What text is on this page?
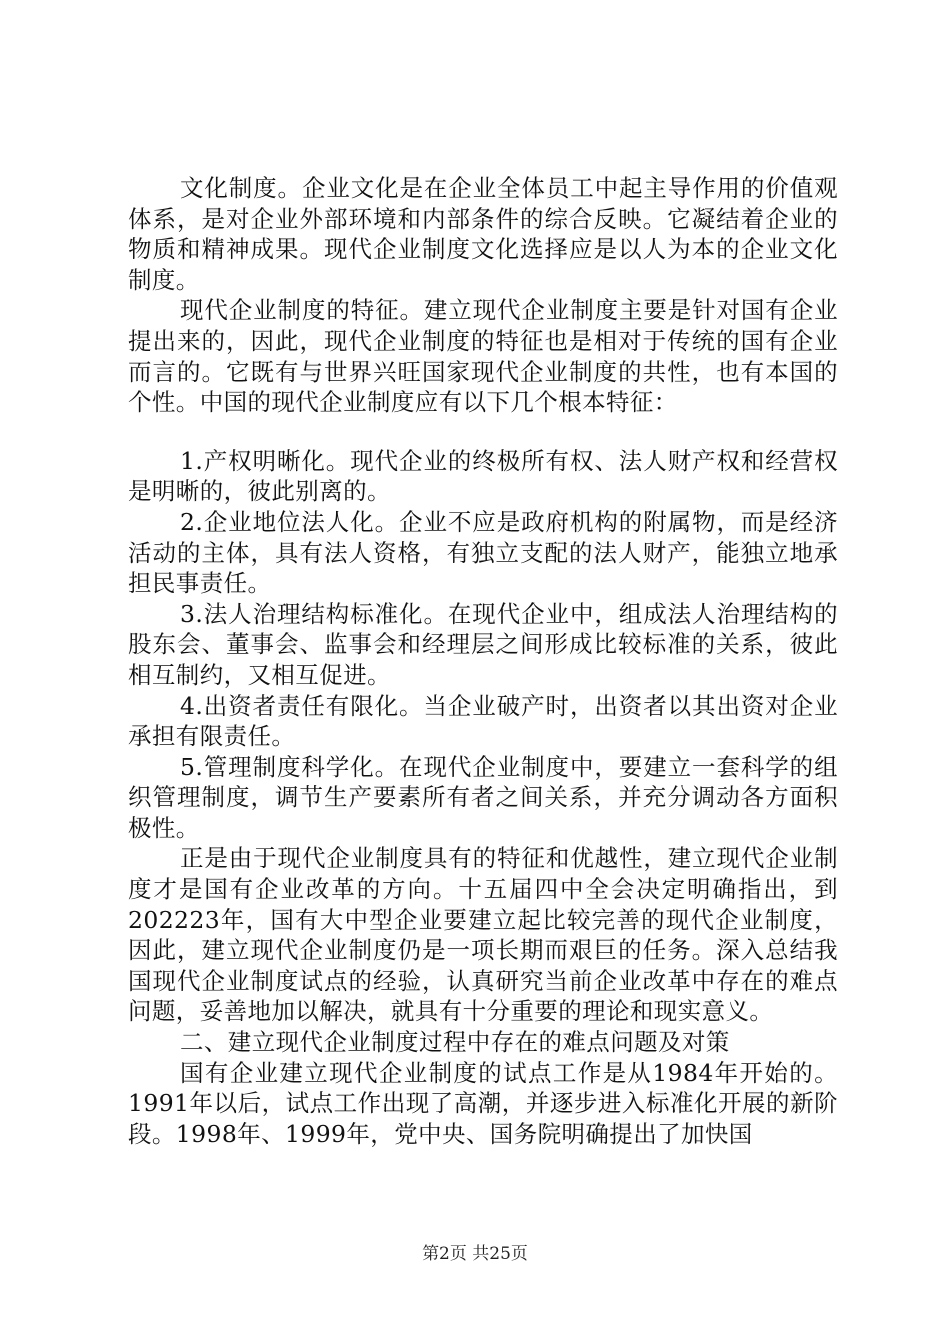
文化制度。企业文化是在企业全体员工中起主导作用的价值观体系，是对企业外部环境和内部条件的综合反映。它凝结着企业的物质和精神成果。现代企业制度文化选择应是以人为本的企业文化制度。

现代企业制度的特征。建立现代企业制度主要是针对国有企业提出来的，因此，现代企业制度的特征也是相对于传统的国有企业而言的。它既有与世界兴旺国家现代企业制度的共性，也有本国的个性。中国的现代企业制度应有以下几个根本特征：

1.产权明晰化。现代企业的终极所有权、法人财产权和经营权是明晰的，彼此别离的。

2.企业地位法人化。企业不应是政府机构的附属物，而是经济活动的主体，具有法人资格，有独立支配的法人财产，能独立地承担民事责任。

3.法人治理结构标准化。在现代企业中，组成法人治理结构的股东会、董事会、监事会和经理层之间形成比较标准的关系，彼此相互制约，又相互促进。

4.出资者责任有限化。当企业破产时，出资者以其出资对企业承担有限责任。

5.管理制度科学化。在现代企业制度中，要建立一套科学的组织管理制度，调节生产要素所有者之间关系，并充分调动各方面积极性。

正是由于现代企业制度具有的特征和优越性，建立现代企业制度才是国有企业改革的方向。十五届四中全会决定明确指出，到202223年，国有大中型企业要建立起比较完善的现代企业制度，因此，建立现代企业制度仍是一项长期而艰巨的任务。深入总结我国现代企业制度试点的经验，认真研究当前企业改革中存在的难点问题，妥善地加以解决，就具有十分重要的理论和现实意义。

二、建立现代企业制度过程中存在的难点问题及对策

国有企业建立现代企业制度的试点工作是从1984年开始的。1991年以后，试点工作出现了高潮，并逐步进入标准化开展的新阶段。1998年、1999年，党中央、国务院明确提出了加快国

第2页 共25页
